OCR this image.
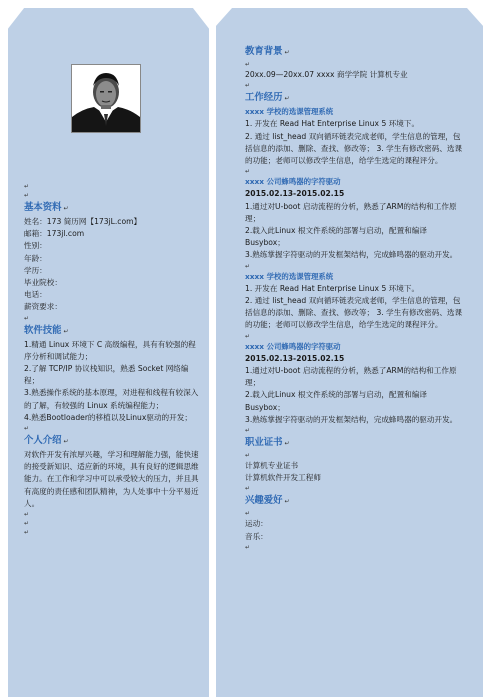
↵
↵
基本资料 ↵
姓名：173 简历网【173jL.com】
邮箱：173jl.com
性别：
年龄：
学历：
毕业院校：
电话：
薪资要求：
↵
软件技能 ↵
1.精通 Linux 环境下 C 高级编程，具有有较强的程序分析和调试能力；
2.了解 TCP/IP 协议栈知识，熟悉 Socket 网络编程；
3.熟悉操作系统的基本原理，对进程和线程有较深入的了解，有较强的 Linux 系统编程能力；
4.熟悉Bootloader的移植以及Linux驱动的开发；
↵
个人介绍 ↵
对软件开发有浓厚兴趣，学习和理解能力强，能快速的接受新知识、适应新的环境，具有良好的逻辑思维能力。在工作和学习中可以承受较大的压力，并且具有高度的责任感和团队精神，为人处事中十分平易近人。
↵
↵
↵
教育背景 ↵
↵
20xx.09—20xx.07 xxxx 商学学院 计算机专业
↵
工作经历 ↵
xxxx 学校的选课管理系统
1. 开发在 Read Hat Enterprise Linux 5 环境下。
2. 通过 list_head 双向循环链表完成老师，学生信息的管理，包括信息的添加、删除、查找、修改等； 3. 学生有修改密码、选课的功能；老师可以修改学生信息，给学生选定的课程评分。
↵
xxxx 公司蜂鸣器的字符驱动
2015.02.13-2015.02.15
1.通过对U-boot 启动流程的分析，熟悉了ARM的结构和工作原理；
2.载入此Linux 根文件系统的部署与启动，配置和编译 Busybox；
3.熟练掌握字符驱动的开发框架结构，完成蜂鸣器的驱动开发。
↵
xxxx 学校的选课管理系统
1. 开发在 Read Hat Enterprise Linux 5 环境下。
2. 通过 list_head 双向循环链表完成老师，学生信息的管理，包括信息的添加、删除、查找、修改等； 3. 学生有修改密码、选课的功能；老师可以修改学生信息，给学生选定的课程评分。
↵
xxxx 公司蜂鸣器的字符驱动
2015.02.13-2015.02.15
1.通过对U-boot 启动流程的分析，熟悉了ARM的结构和工作原理；
2.载入此Linux 根文件系统的部署与启动，配置和编译 Busybox；
3.熟练掌握字符驱动的开发框架结构，完成蜂鸣器的驱动开发。
↵
职业证书 ↵
↵
计算机专业证书
计算机软件开发工程师
↵
兴趣爱好 ↵
↵
运动：
音乐：
↵
